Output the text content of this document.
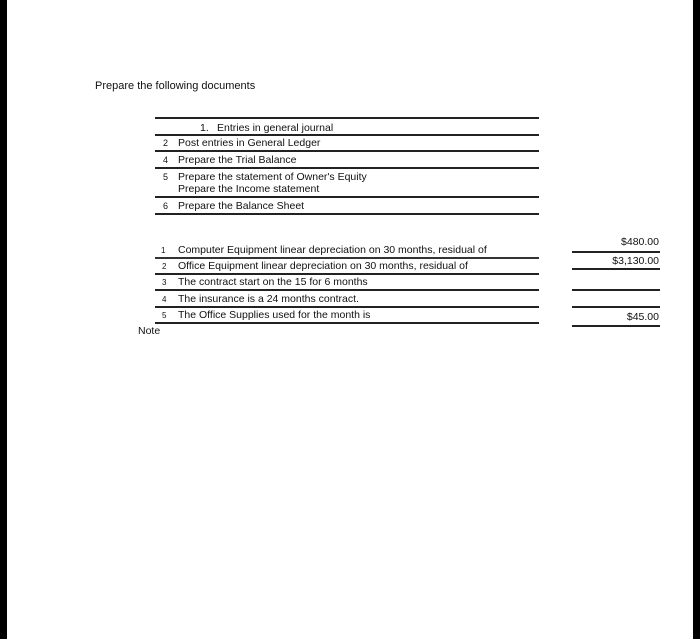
Prepare the following documents
1. Entries in general journal
2 Post entries in General Ledger
4 Prepare the Trial Balance
5 Prepare the statement of Owner's Equity
Prepare the Income statement
6 Prepare the Balance Sheet
1 Computer Equipment linear depreciation on 30 months, residual of
$480.00
2 Office Equipment linear depreciation on 30 months, residual of	$3,130.00
3 The contract start on the 15 for 6 months
4 The insurance is a 24 months contract.
5 The Office Supplies used for the month is	$45.00
Note
